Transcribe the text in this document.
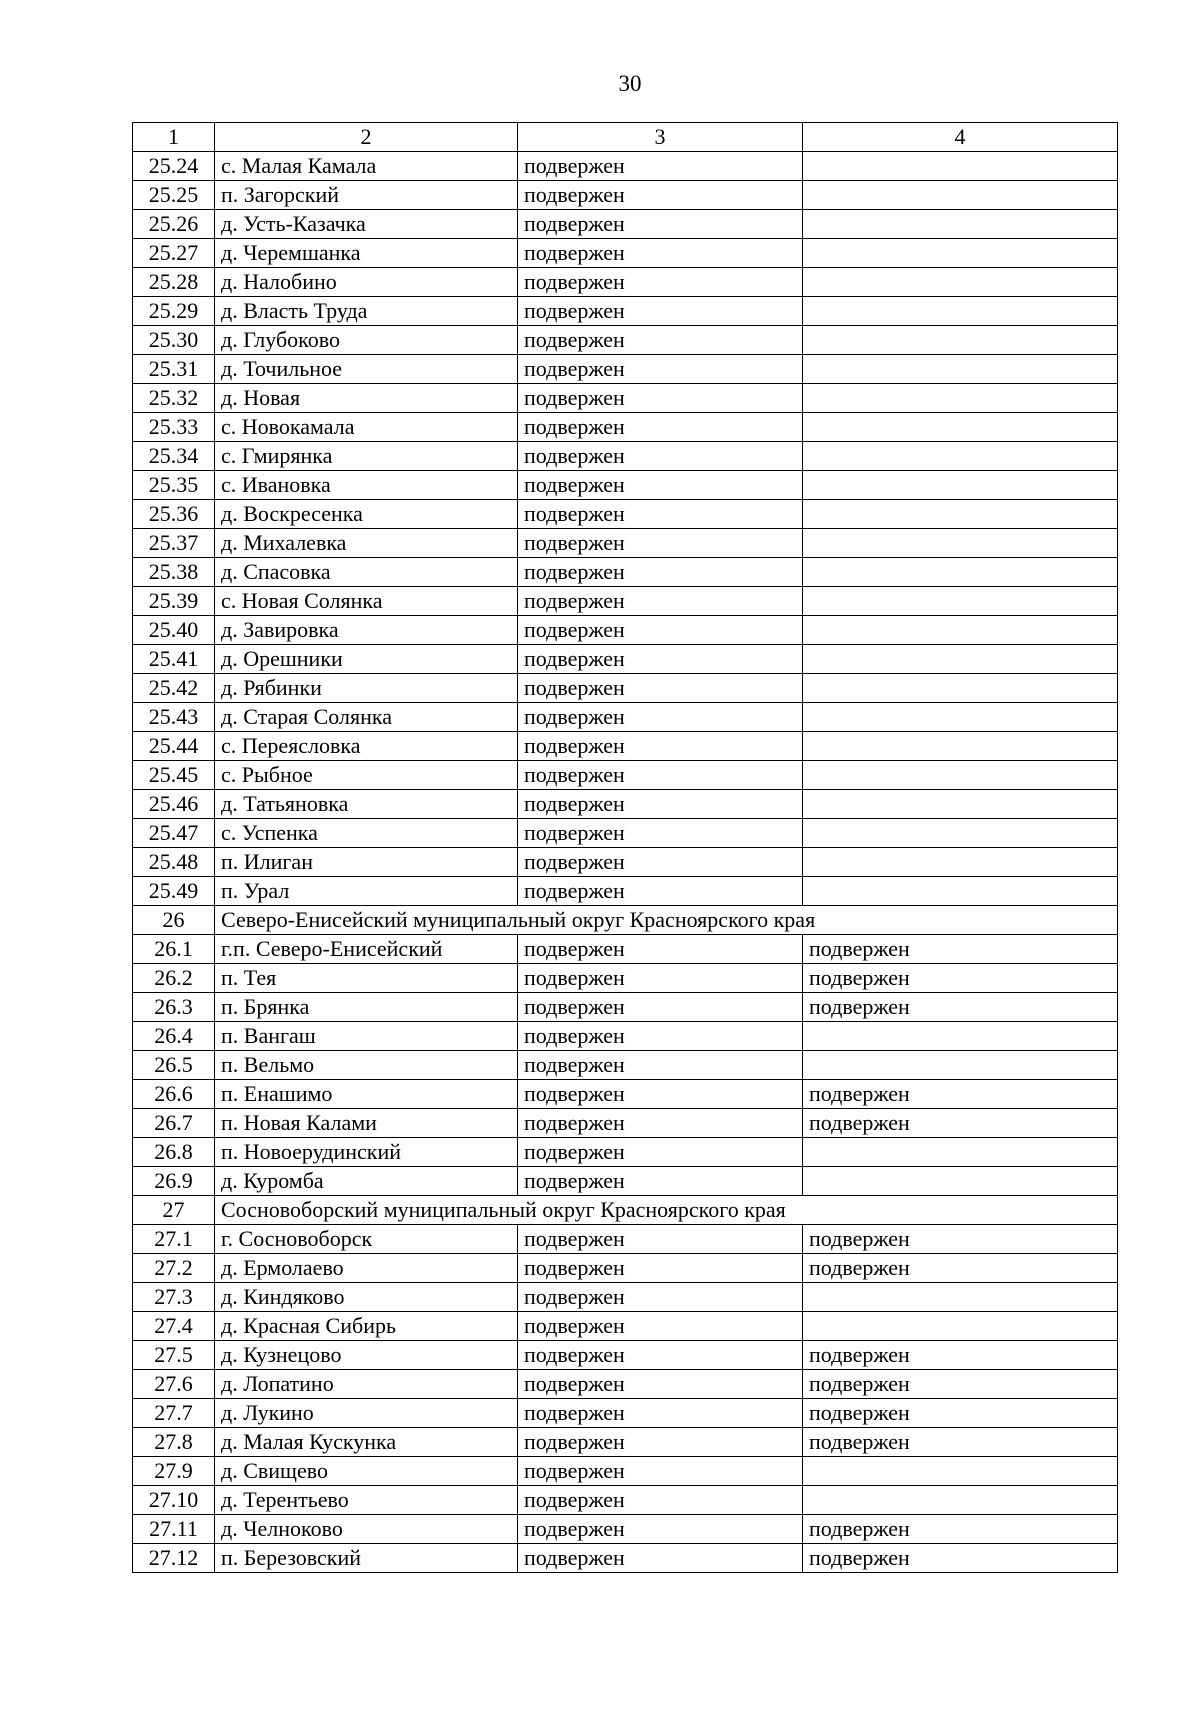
30
1	2	3	4
25.24	с. Малая Камала	подвержен	
25.25	п. Загорский	подвержен	
25.26	д. Усть-Казачка	подвержен	
25.27	д. Черемшанка	подвержен	
25.28	д. Налобино	подвержен	
25.29	д. Власть Труда	подвержен	
25.30	д. Глубоково	подвержен	
25.31	д. Точильное	подвержен	
25.32	д. Новая	подвержен	
25.33	с. Новокамала	подвержен	
25.34	с. Гмирянка	подвержен	
25.35	с. Ивановка	подвержен	
25.36	д. Воскресенка	подвержен	
25.37	д. Михалевка	подвержен	
25.38	д. Спасовка	подвержен	
25.39	с. Новая Солянка	подвержен	
25.40	д. Завировка	подвержен	
25.41	д. Орешники	подвержен	
25.42	д. Рябинки	подвержен	
25.43	д. Старая Солянка	подвержен	
25.44	с. Переясловка	подвержен	
25.45	с. Рыбное	подвержен	
25.46	д. Татьяновка	подвержен	
25.47	с. Успенка	подвержен	
25.48	п. Илиган	подвержен	
25.49	п. Урал	подвержен	
26	Северо-Енисейский муниципальный округ Красноярского края		
26.1	г.п. Северо-Енисейский	подвержен	подвержен
26.2	п. Тея	подвержен	подвержен
26.3	п. Брянка	подвержен	подвержен
26.4	п. Вангаш	подвержен	
26.5	п. Вельмо	подвержен	
26.6	п. Енашимо	подвержен	подвержен
26.7	п. Новая Калами	подвержен	подвержен
26.8	п. Новоерудинский	подвержен	
26.9	д. Куромба	подвержен	
27	Сосновоборский муниципальный округ Красноярского края		
27.1	г. Сосновоборск	подвержен	подвержен
27.2	д. Ермолаево	подвержен	подвержен
27.3	д. Киндяково	подвержен	
27.4	д. Красная Сибирь	подвержен	
27.5	д. Кузнецово	подвержен	подвержен
27.6	д. Лопатино	подвержен	подвержен
27.7	д. Лукино	подвержен	подвержен
27.8	д. Малая Кускунка	подвержен	подвержен
27.9	д. Свищево	подвержен	
27.10	д. Терентьево	подвержен	
27.11	д. Челноково	подвержен	подвержен
27.12	п. Березовский	подвержен	подвержен
